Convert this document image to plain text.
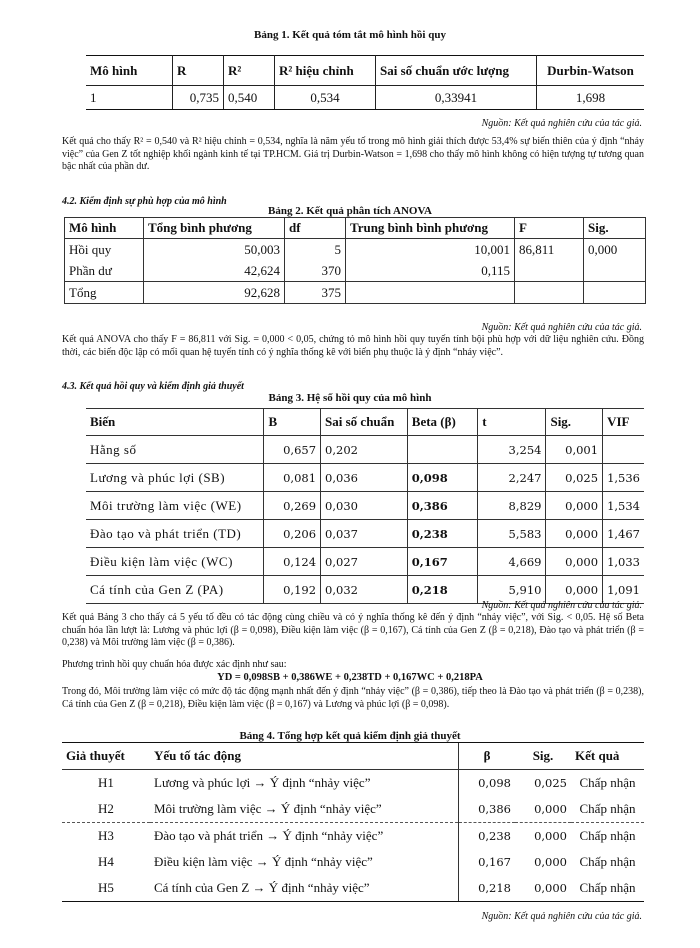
Bảng 1. Kết quả tóm tắt mô hình hồi quy
Mô hình	R	R²	R² hiệu chỉnh	Sai số chuẩn ước lượng	Durbin-Watson
1	0,735	0,540	0,534	0,33941	1,698
Nguồn: Kết quả nghiên cứu của tác giả.
Kết quả cho thấy R² = 0,540 và R² hiệu chỉnh = 0,534, nghĩa là năm yếu tố trong mô hình giải thích được 53,4% sự biến thiên của ý định “nhảy việc” của Gen Z tốt nghiệp khối ngành kinh tế tại TP.HCM. Giá trị Durbin-Watson = 1,698 cho thấy mô hình không có hiện tượng tự tương quan bậc nhất của phần dư.
4.2. Kiểm định sự phù hợp của mô hình
Bảng 2. Kết quả phân tích ANOVA
Mô hình	Tổng bình phương	df	Trung bình bình phương	F	Sig.
Hồi quy	50,003	5	10,001	86,811	0,000
Phần dư	42,624	370	0,115		
Tổng	92,628	375			
Nguồn: Kết quả nghiên cứu của tác giả.
Kết quả ANOVA cho thấy F = 86,811 với Sig. = 0,000 < 0,05, chứng tỏ mô hình hồi quy tuyến tính bội phù hợp với dữ liệu nghiên cứu. Đồng thời, các biến độc lập có mối quan hệ tuyến tính có ý nghĩa thống kê với biến phụ thuộc là ý định “nhảy việc”.
4.3. Kết quả hồi quy và kiểm định giả thuyết
Bảng 3. Hệ số hồi quy của mô hình
Biến	B	Sai số chuẩn	Beta (β)	t	Sig.	VIF
Hằng số	0,657	0,202		3,254	0,001	
Lương và phúc lợi (SB)	0,081	0,036	0,098	2,247	0,025	1,536
Môi trường làm việc (WE)	0,269	0,030	0,386	8,829	0,000	1,534
Đào tạo và phát triển (TD)	0,206	0,037	0,238	5,583	0,000	1,467
Điều kiện làm việc (WC)	0,124	0,027	0,167	4,669	0,000	1,033
Cá tính của Gen Z (PA)	0,192	0,032	0,218	5,910	0,000	1,091
Nguồn: Kết quả nghiên cứu của tác giả.
Kết quả Bảng 3 cho thấy cả 5 yếu tố đều có tác động cùng chiều và có ý nghĩa thống kê đến ý định “nhảy việc”, với Sig. < 0,05. Hệ số Beta chuẩn hóa lần lượt là: Lương và phúc lợi (β = 0,098), Điều kiện làm việc (β = 0,167), Cá tính của Gen Z (β = 0,218), Đào tạo và phát triển (β = 0,238) và Môi trường làm việc (β = 0,386).
Phương trình hồi quy chuẩn hóa được xác định như sau:
YD = 0,098SB + 0,386WE + 0,238TD + 0,167WC + 0,218PA
Trong đó, Môi trường làm việc có mức độ tác động mạnh nhất đến ý định “nhảy việc” (β = 0,386), tiếp theo là Đào tạo và phát triển (β = 0,238), Cá tính của Gen Z (β = 0,218), Điều kiện làm việc (β = 0,167) và Lương và phúc lợi (β = 0,098).
Bảng 4. Tổng hợp kết quả kiểm định giả thuyết
Giả thuyết	Yếu tố tác động	β	Sig.	Kết quả
H1	Lương và phúc lợi → Ý định “nhảy việc”	0,098	0,025	Chấp nhận
H2	Môi trường làm việc → Ý định “nhảy việc”	0,386	0,000	Chấp nhận
H3	Đào tạo và phát triển → Ý định “nhảy việc”	0,238	0,000	Chấp nhận
H4	Điều kiện làm việc → Ý định “nhảy việc”	0,167	0,000	Chấp nhận
H5	Cá tính của Gen Z → Ý định “nhảy việc”	0,218	0,000	Chấp nhận
Nguồn: Kết quả nghiên cứu của tác giả.
